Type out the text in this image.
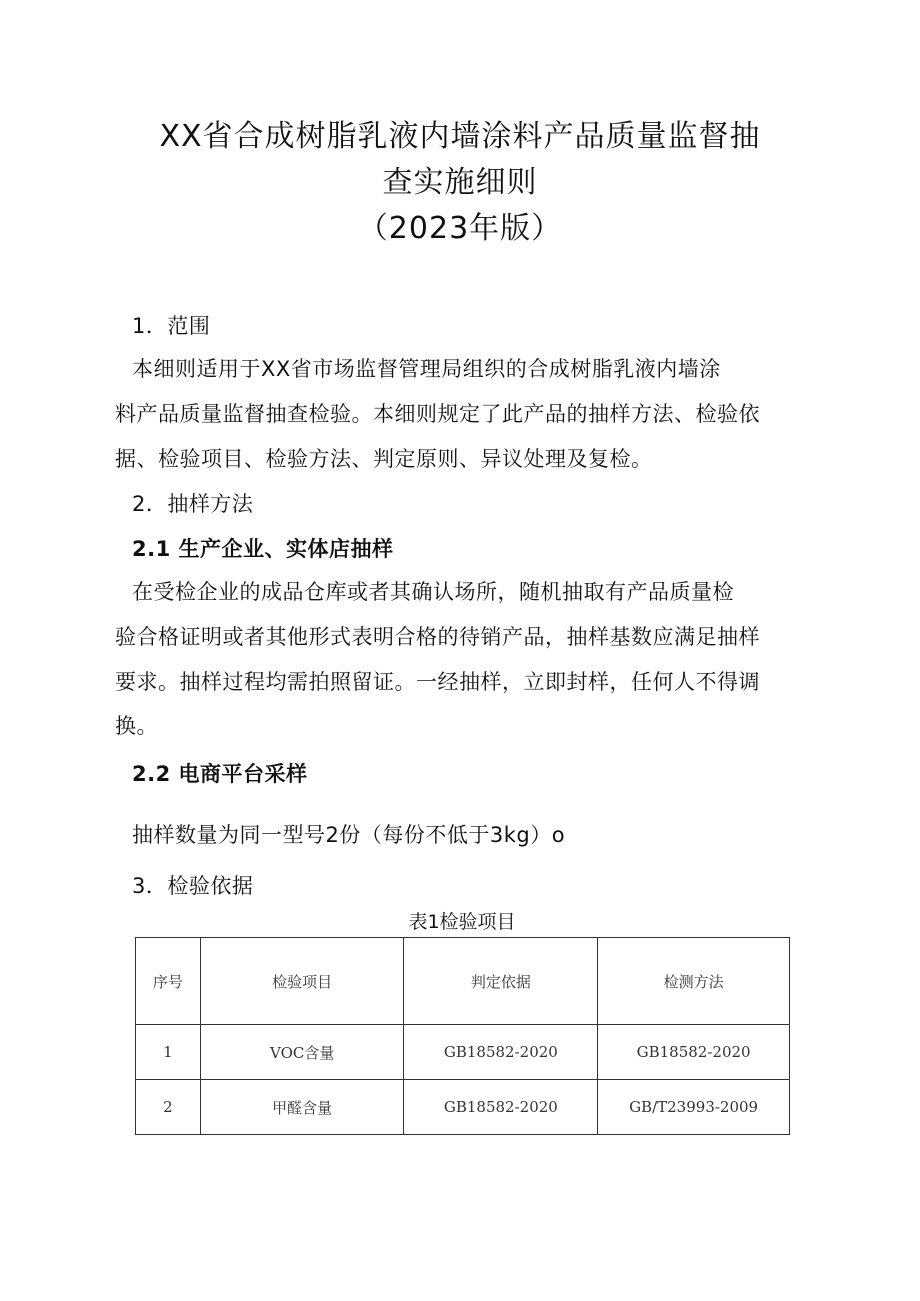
XX省合成树脂乳液内墙涂料产品质量监督抽
查实施细则
（2023年版）
1．范围
本细则适用于XX省市场监督管理局组织的合成树脂乳液内墙涂
料产品质量监督抽查检验。本细则规定了此产品的抽样方法、检验依
据、检验项目、检验方法、判定原则、异议处理及复检。
2．抽样方法
2.1 生产企业、实体店抽样
在受检企业的成品仓库或者其确认场所，随机抽取有产品质量检
验合格证明或者其他形式表明合格的待销产品，抽样基数应满足抽样
要求。抽样过程均需拍照留证。一经抽样，立即封样，任何人不得调
换。
2.2 电商平台采样
抽样数量为同一型号2份（每份不低于3kg）o
3．检验依据
表1检验项目
序号	检验项目	判定依据	检测方法
1	VOC含量	GB18582-2020	GB18582-2020
2	甲醛含量	GB18582-2020	GB/T23993-2009
